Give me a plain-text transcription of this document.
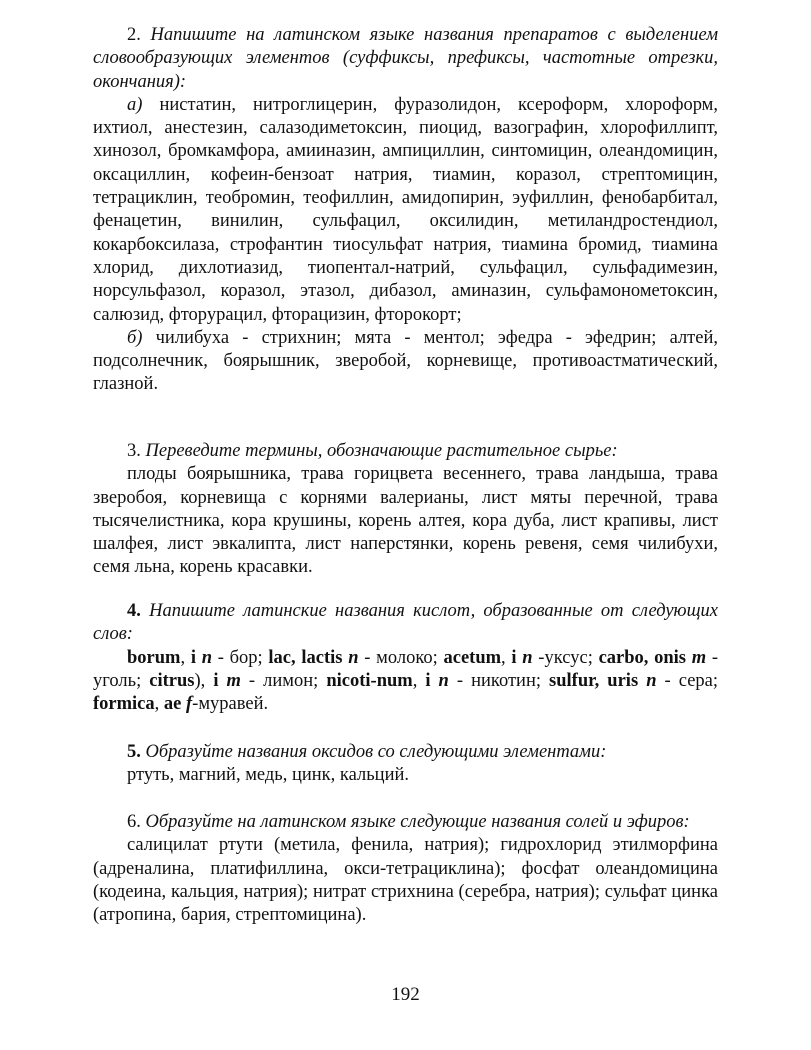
2. Напишите на латинском языке названия препаратов с выделением словообразующих элементов (суффиксы, префиксы, частотные отрезки, окончания):

а) нистатин, нитроглицерин, фуразолидон, ксероформ, хлороформ, ихтиол, анестезин, салазодиметоксин, пиоцид, вазографин, хлорофиллипт, хинозол, бромкамфора, амииназин, ампициллин, синтомицин, олеандомицин, оксациллин, кофеин-бензоат натрия, тиамин, коразол, стрептомицин, тетрациклин, теобромин, теофиллин, амидопирин, эуфиллин, фенобарбитал, фенацетин, винилин, сульфацил, оксилидин, метиландростендиол, кокарбоксилаза, строфантин тиосульфат натрия, тиамина бромид, тиамина хлорид, дихлотиазид, тиопентал-натрий, сульфацил, сульфадимезин, норсульфазол, коразол, этазол, дибазол, аминазин, сульфамонометоксин, салюзид, фторурацил, фторацизин, фторокорт;

б) чилибуха - стрихнин; мята - ментол; эфедра - эфедрин; алтей, подсолнечник, боярышник, зверобой, корневище, противоастматический, глазной.

3. Переведите термины, обозначающие растительное сырье:

плоды боярышника, трава горицвета весеннего, трава ландыша, трава зверобоя, корневища с корнями валерианы, лист мяты перечной, трава тысячелистника, кора крушины, корень алтея, кора дуба, лист крапивы, лист шалфея, лист эвкалипта, лист наперстянки, корень ревеня, семя чилибухи, семя льна, корень красавки.

4. Напишите латинские названия кислот, образованные от следующих слов:

borum, i n - бор; lac, lactis n - молоко; acetum, i n -уксус; carbo, onis m - уголь; citrus), i m - лимон; nicoti-num, i n - никотин; sulfur, uris n - сера; formica, ae f-муравей.

5. Образуйте названия оксидов со следующими элементами:

ртуть, магний, медь, цинк, кальций.

6. Образуйте на латинском языке следующие названия солей и эфиров:

салицилат ртути (метила, фенила, натрия); гидрохлорид этилморфина (адреналина, платифиллина, окси-тетрациклина); фосфат олеандомицина (кодеина, кальция, натрия); нитрат стрихнина (серебра, натрия); сульфат цинка (атропина, бария, стрептомицина).

192
